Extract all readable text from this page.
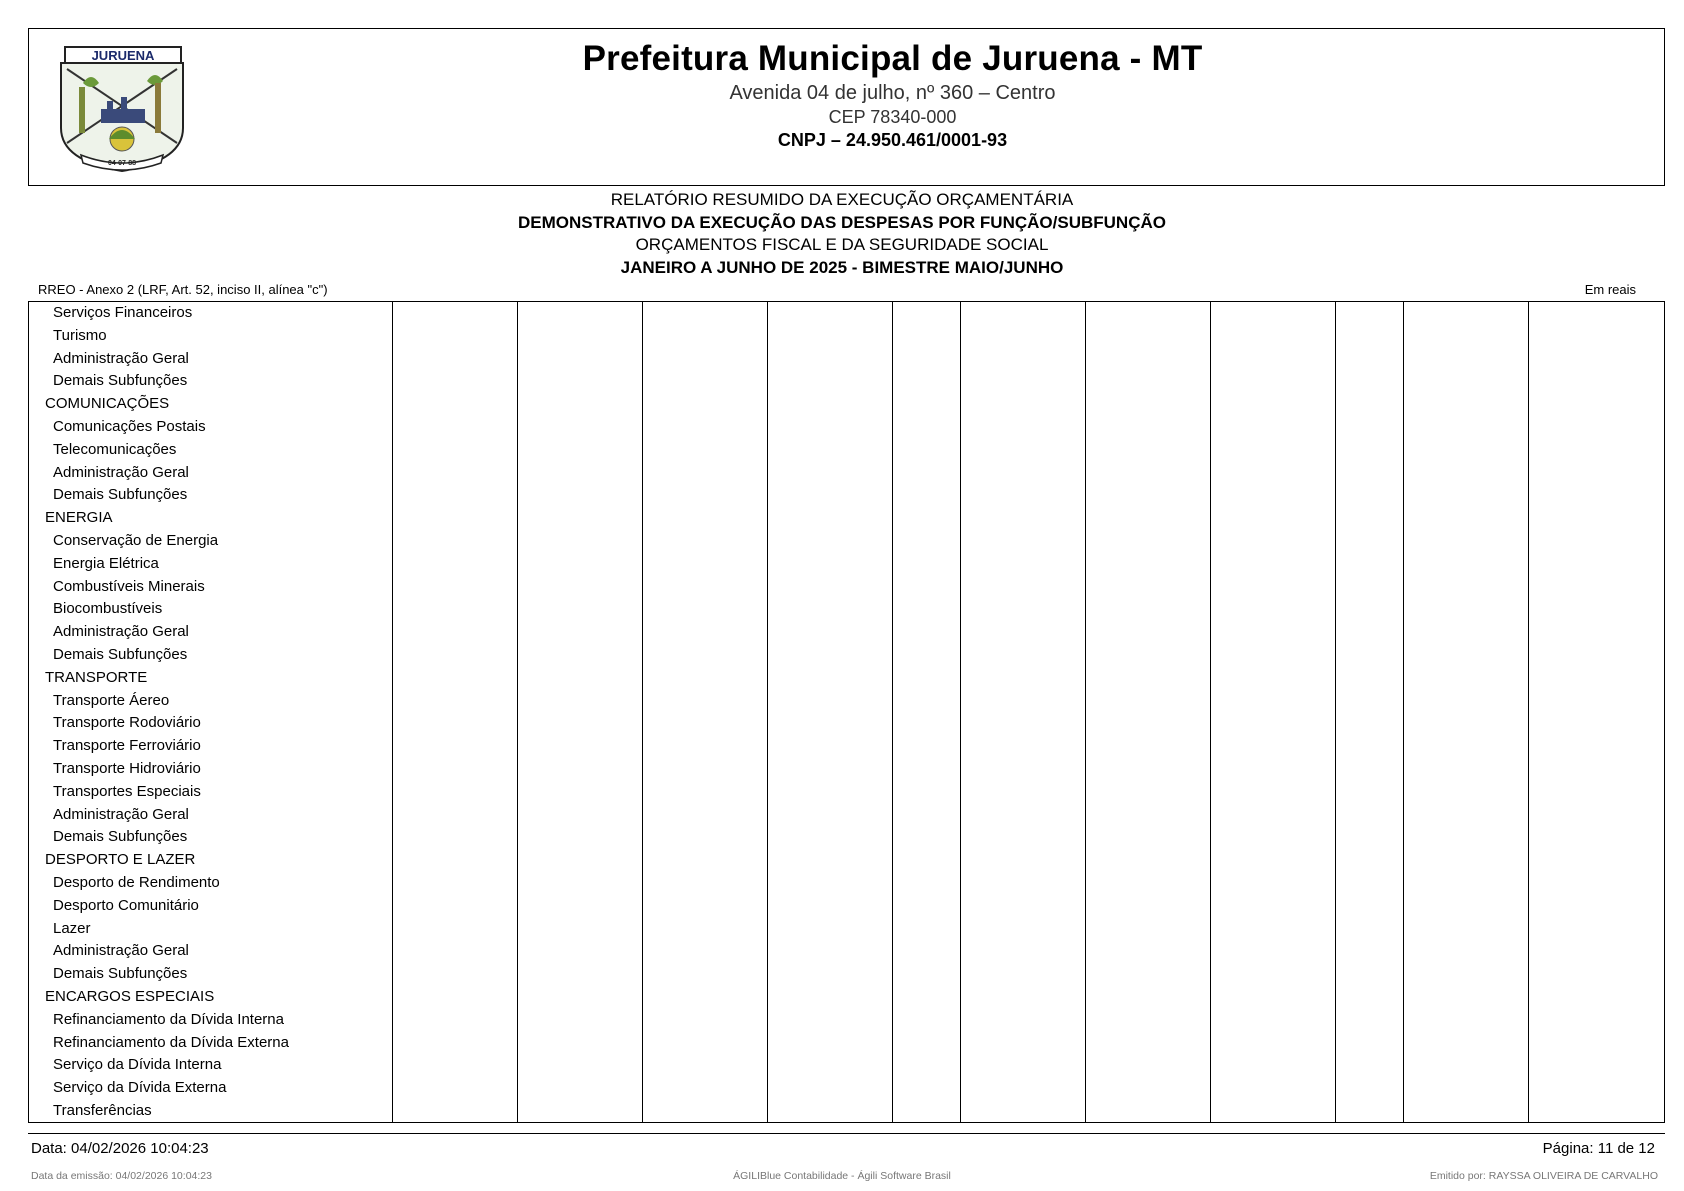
JURUENA
04-07-88
Prefeitura Municipal de Juruena - MT
Avenida 04 de julho, nº 360 – Centro
CEP 78340-000
CNPJ – 24.950.461/0001-93
RELATÓRIO RESUMIDO DA EXECUÇÃO ORÇAMENTÁRIA
DEMONSTRATIVO DA EXECUÇÃO DAS DESPESAS POR FUNÇÃO/SUBFUNÇÃO
ORÇAMENTOS FISCAL E DA SEGURIDADE SOCIAL
JANEIRO A JUNHO DE 2025 - BIMESTRE MAIO/JUNHO
RREO - Anexo 2 (LRF, Art. 52, inciso II, alínea "c")	Em reais
Serviços Financeiros
Turismo
Administração Geral
Demais Subfunções
COMUNICAÇÕES
Comunicações Postais
Telecomunicações
Administração Geral
Demais Subfunções
ENERGIA
Conservação de Energia
Energia Elétrica
Combustíveis Minerais
Biocombustíveis
Administração Geral
Demais Subfunções
TRANSPORTE
Transporte Áereo
Transporte Rodoviário
Transporte Ferroviário
Transporte Hidroviário
Transportes Especiais
Administração Geral
Demais Subfunções
DESPORTO E LAZER
Desporto de Rendimento
Desporto Comunitário
Lazer
Administração Geral
Demais Subfunções
ENCARGOS ESPECIAIS
Refinanciamento da Dívida Interna
Refinanciamento da Dívida Externa
Serviço da Dívida Interna
Serviço da Dívida Externa
Transferências
Data: 04/02/2026 10:04:23	Página: 11 de 12
Data da emissão: 04/02/2026 10:04:23	ÁGILIBlue Contabilidade - Ágili Software Brasil	Emitido por: RAYSSA OLIVEIRA DE CARVALHO
